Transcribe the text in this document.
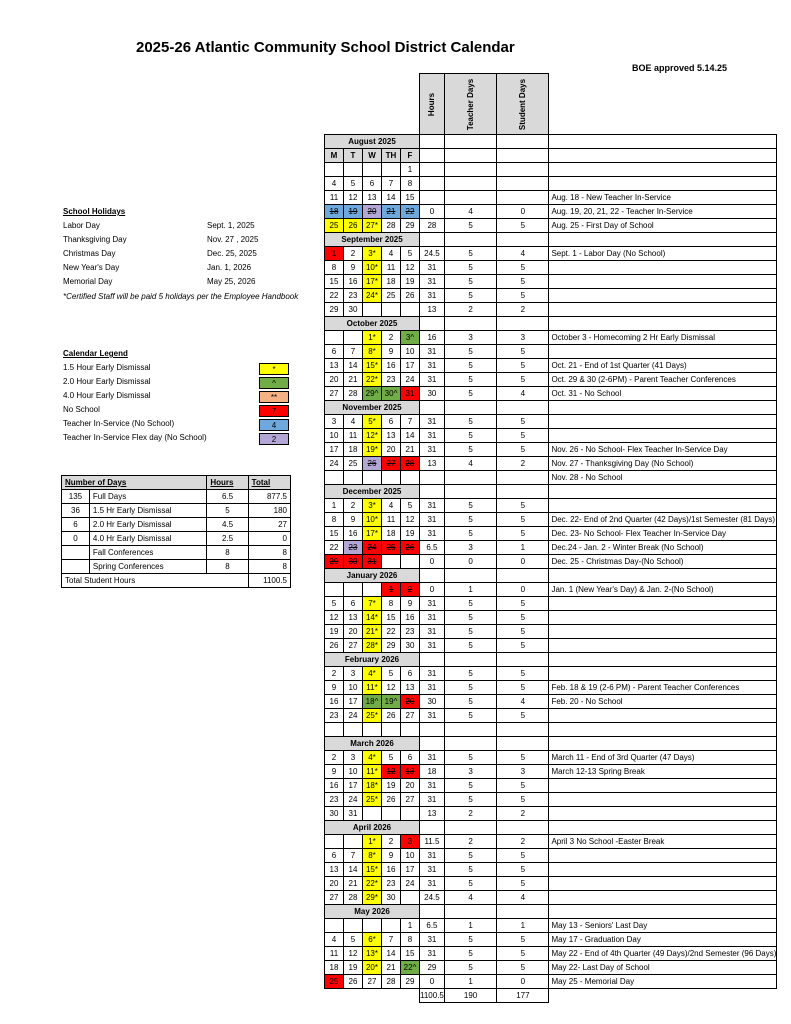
2025-26 Atlantic Community School District Calendar
BOE approved 5.14.25
School Holidays
Labor Day	Sept. 1, 2025
Thanksgiving Day	Nov. 27 , 2025
Christmas Day	Dec. 25, 2025
New Year's Day	Jan. 1, 2026
Memorial Day	May 25, 2026
*Certified Staff will be paid 5 holidays per the Employee Handbook
Calendar Legend
1.5 Hour Early Dismissal	*
2.0 Hour Early Dismissal	^
4.0 Hour Early Dismissal	**
No School	7
Teacher In-Service (No School)	4
Teacher In-Service Flex day (No School)	2
Number of Days		Hours	Total
135	Full Days	6.5	877.5
36	1.5 Hr Early Dismissal	5	180
6	2.0 Hr Early Dismissal	4.5	27
0	4.0 Hr Early Dismissal	2.5	0
	Fall Conferences	8	8
	Spring Conferences	8	8
Total Student Hours			1100.5
					Hours	Teacher Days	Student Days	
August 2025								
M	T	W	TH	F				
				1				
4	5	6	7	8				
11	12	13	14	15				Aug. 18 - New Teacher In-Service
18	19	20	21	22	0	4	0	Aug. 19, 20, 21, 22 - Teacher In-Service
25	26	27*	28	29	28	5	5	Aug. 25 - First Day of School
September 2025								
1	2	3*	4	5	24.5	5	4	Sept. 1 - Labor Day (No School)
8	9	10*	11	12	31	5	5	
15	16	17*	18	19	31	5	5	
22	23	24*	25	26	31	5	5	
29	30				13	2	2	
October 2025								
		1*	2	3^	16	3	3	October 3 - Homecoming 2 Hr Early Dismissal
6	7	8*	9	10	31	5	5	
13	14	15*	16	17	31	5	5	Oct. 21 - End of 1st Quarter (41 Days)
20	21	22*	23	24	31	5	5	Oct. 29 & 30 (2-6PM) - Parent Teacher Conferences
27	28	29^	30^	31	30	5	4	Oct. 31 - No School
November 2025								
3	4	5*	6	7	31	5	5	
10	11	12*	13	14	31	5	5	
17	18	19*	20	21	31	5	5	Nov. 26 - No School- Flex Teacher In-Service Day
24	25	26	27	28	13	4	2	Nov. 27 - Thanksgiving Day (No School)
								Nov. 28 - No School
December 2025								
1	2	3*	4	5	31	5	5	
8	9	10*	11	12	31	5	5	Dec. 22- End of 2nd Quarter (42 Days)/1st Semester (81 Days)
15	16	17*	18	19	31	5	5	Dec. 23- No School- Flex Teacher In-Service Day
22	23	24	25	26	6.5	3	1	Dec.24 - Jan. 2 - Winter Break (No School)
29	30	31			0	0	0	Dec. 25 - Christmas Day-(No School)
January 2026								
			1	2	0	1	0	Jan. 1 (New Year's Day) & Jan. 2-(No School)
5	6	7*	8	9	31	5	5	
12	13	14*	15	16	31	5	5	
19	20	21*	22	23	31	5	5	
26	27	28*	29	30	31	5	5	
February 2026								
2	3	4*	5	6	31	5	5	
9	10	11*	12	13	31	5	5	Feb. 18 & 19 (2-6 PM) - Parent Teacher Conferences
16	17	18^	19^	20	30	5	4	Feb. 20 - No School
23	24	25*	26	27	31	5	5	

March 2026								
2	3	4*	5	6	31	5	5	March 11 - End of 3rd Quarter (47 Days)
9	10	11*	12	13	18	3	3	March 12-13 Spring Break
16	17	18*	19	20	31	5	5	
23	24	25*	26	27	31	5	5	
30	31				13	2	2	
April 2026								
		1*	2	3	11.5	2	2	April 3 No School -Easter Break
6	7	8*	9	10	31	5	5	
13	14	15*	16	17	31	5	5	
20	21	22*	23	24	31	5	5	
27	28	29*	30		24.5	4	4	
May 2026								
				1	6.5	1	1	May 13 - Seniors' Last Day
4	5	6*	7	8	31	5	5	May 17 - Graduation Day
11	12	13*	14	15	31	5	5	May 22 - End of 4th Quarter (49 Days)/2nd Semester (96 Days)
18	19	20*	21	22^	29	5	5	May 22- Last Day of School
25	26	27	28	29	0	1	0	May 25 - Memorial Day
					1100.5	190	177	
